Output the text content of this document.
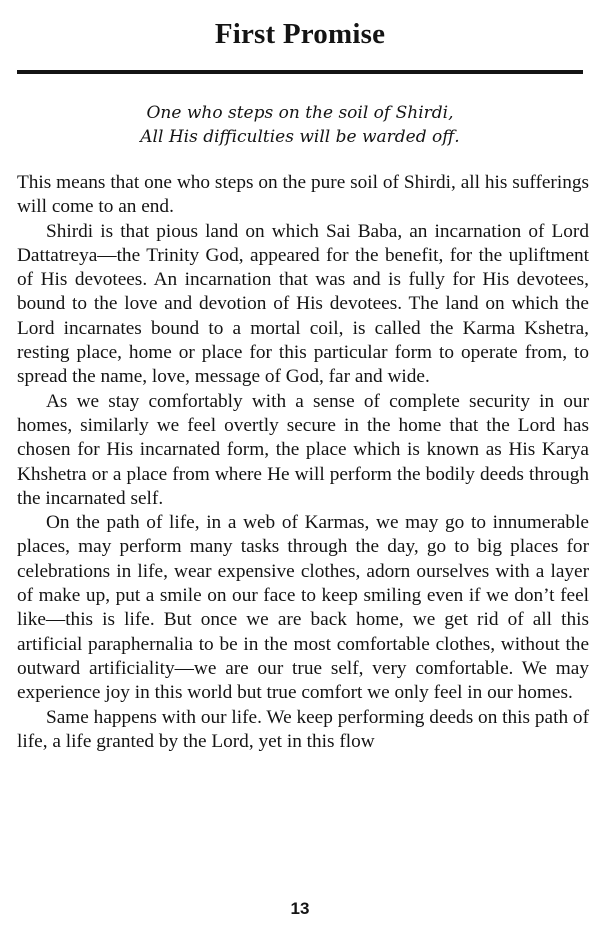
First Promise
One who steps on the soil of Shirdi,
All His difficulties will be warded off.

This means that one who steps on the pure soil of Shirdi, all his sufferings will come to an end.

Shirdi is that pious land on which Sai Baba, an incarnation of Lord Dattatreya—the Trinity God, appeared for the benefit, for the upliftment of His devotees. An incarnation that was and is fully for His devotees, bound to the love and devotion of His devotees. The land on which the Lord incarnates bound to a mortal coil, is called the Karma Kshetra, resting place, home or place for this particular form to operate from, to spread the name, love, message of God, far and wide.

As we stay comfortably with a sense of complete security in our homes, similarly we feel overtly secure in the home that the Lord has chosen for His incarnated form, the place which is known as His Karya Khshetra or a place from where He will perform the bodily deeds through the incarnated self.

On the path of life, in a web of Karmas, we may go to innumerable places, may perform many tasks through the day, go to big places for celebrations in life, wear expensive clothes, adorn ourselves with a layer of make up, put a smile on our face to keep smiling even if we don’t feel like—this is life. But once we are back home, we get rid of all this artificial paraphernalia to be in the most comfortable clothes, without the outward artificiality—we are our true self, very comfortable. We may experience joy in this world but true comfort we only feel in our homes.

Same happens with our life. We keep performing deeds on this path of life, a life granted by the Lord, yet in this flow

13
